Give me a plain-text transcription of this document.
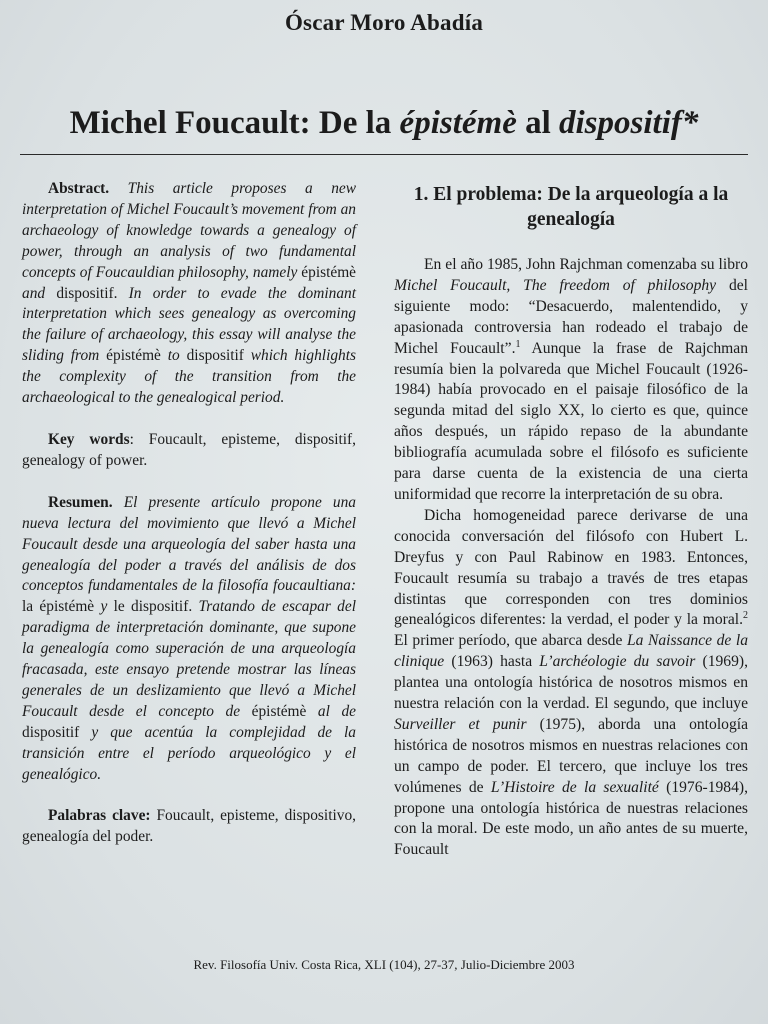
Óscar Moro Abadía
Michel Foucault: De la épistémè al dispositif*

Abstract. This article proposes a new interpretation of Michel Foucault’s movement from an archaeology of knowledge towards a genealogy of power, through an analysis of two fundamental concepts of Foucauldian philosophy, namely épistémè and dispositif. In order to evade the dominant interpretation which sees genealogy as overcoming the failure of archaeology, this essay will analyse the sliding from épistémè to dispositif which highlights the complexity of the transition from the archaeological to the genealogical period.

Key words: Foucault, episteme, dispositif, genealogy of power.

Resumen. El presente artículo propone una nueva lectura del movimiento que llevó a Michel Foucault desde una arqueología del saber hasta una genealogía del poder a través del análisis de dos conceptos fundamentales de la filosofía foucaultiana: la épistémè y le dispositif. Tratando de escapar del paradigma de interpretación dominante, que supone la genealogía como superación de una arqueología fracasada, este ensayo pretende mostrar las líneas generales de un deslizamiento que llevó a Michel Foucault desde el concepto de épistémè al de dispositif y que acentúa la complejidad de la transición entre el período arqueológico y el genealógico.

Palabras clave: Foucault, episteme, dispositivo, genealogía del poder.

1. El problema: De la arqueología a la genealogía

En el año 1985, John Rajchman comenzaba su libro Michel Foucault, The freedom of philosophy del siguiente modo: “Desacuerdo, malentendido, y apasionada controversia han rodeado el trabajo de Michel Foucault”.$^1$ Aunque la frase de Rajchman resumía bien la polvareda que Michel Foucault (1926-1984) había provocado en el paisaje filosófico de la segunda mitad del siglo XX, lo cierto es que, quince años después, un rápido repaso de la abundante bibliografía acumulada sobre el filósofo es suficiente para darse cuenta de la existencia de una cierta uniformidad que recorre la interpretación de su obra.

Dicha homogeneidad parece derivarse de una conocida conversación del filósofo con Hubert L. Dreyfus y con Paul Rabinow en 1983. Entonces, Foucault resumía su trabajo a través de tres etapas distintas que corresponden con tres dominios genealógicos diferentes: la verdad, el poder y la moral.$^2$ El primer período, que abarca desde La Naissance de la clinique (1963) hasta L’archéologie du savoir (1969), plantea una ontología histórica de nosotros mismos en nuestra relación con la verdad. El segundo, que incluye Surveiller et punir (1975), aborda una ontología histórica de nosotros mismos en nuestras relaciones con un campo de poder. El tercero, que incluye los tres volúmenes de L’Histoire de la sexualité (1976-1984), propone una ontología histórica de nuestras relaciones con la moral. De este modo, un año antes de su muerte, Foucault

Rev. Filosofía Univ. Costa Rica, XLI (104), 27-37, Julio-Diciembre 2003
